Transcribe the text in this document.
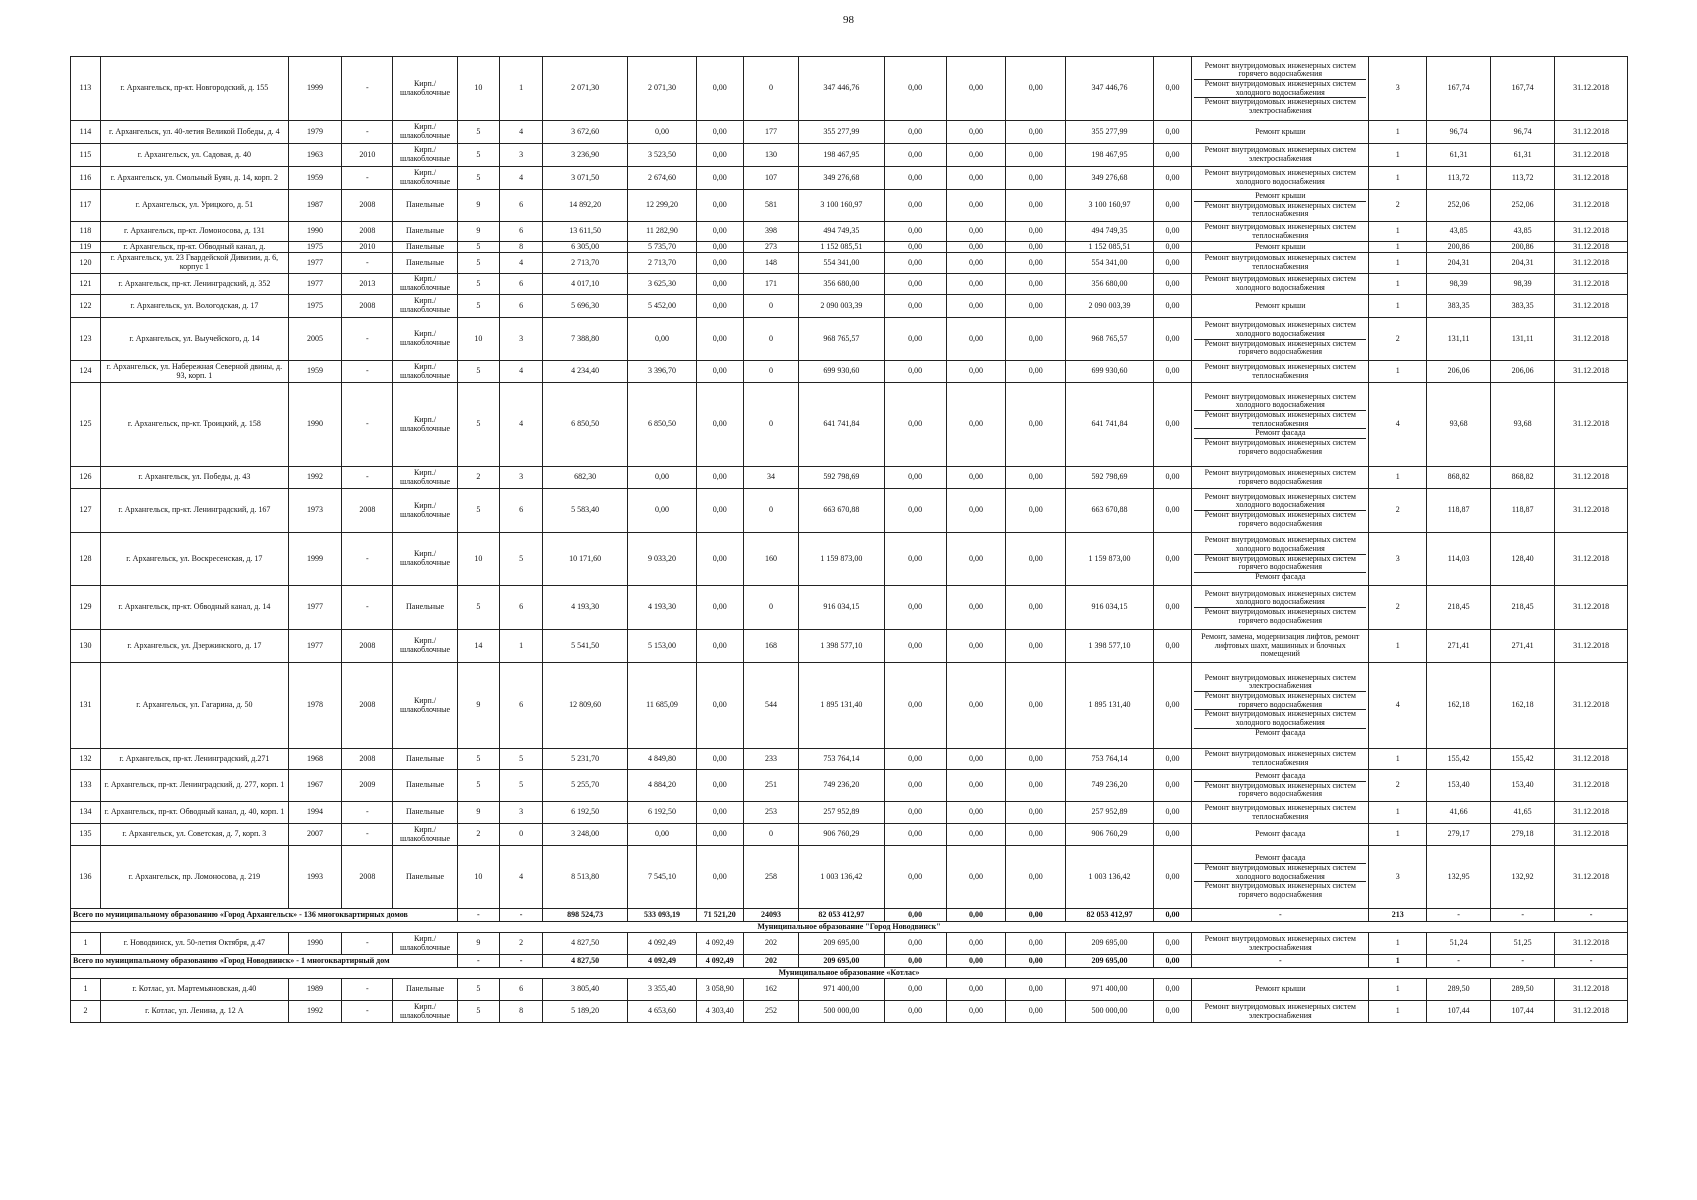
98
113	г. Архангельск, пр-кт. Новгородский, д. 155	1999	-	Кирп./ шлакоблочные	10	1	2 071,30	2 071,30	0,00	0	347 446,76	0,00	0,00	0,00	347 446,76	0,00	Ремонт внутридомовых инженерных систем горячего водоснабжения
Ремонт внутридомовых инженерных систем холодного водоснабжения
Ремонт внутридомовых инженерных систем электроснабжения	3	167,74	167,74	31.12.2018
114	г. Архангельск, ул. 40-летия Великой Победы, д. 4	1979	-	Кирп./ шлакоблочные	5	4	3 672,60	0,00	0,00	177	355 277,99	0,00	0,00	0,00	355 277,99	0,00	Ремонт крыши	1	96,74	96,74	31.12.2018
115	г. Архангельск, ул. Садовая, д. 40	1963	2010	Кирп./ шлакоблочные	5	3	3 236,90	3 523,50	0,00	130	198 467,95	0,00	0,00	0,00	198 467,95	0,00	Ремонт внутридомовых инженерных систем электроснабжения	1	61,31	61,31	31.12.2018
116	г. Архангельск, ул. Смольный Буян, д. 14, корп. 2	1959	-	Кирп./ шлакоблочные	5	4	3 071,50	2 674,60	0,00	107	349 276,68	0,00	0,00	0,00	349 276,68	0,00	Ремонт внутридомовых инженерных систем холодного водоснабжения	1	113,72	113,72	31.12.2018
117	г. Архангельск, ул. Урицкого, д. 51	1987	2008	Панельные	9	6	14 892,20	12 299,20	0,00	581	3 100 160,97	0,00	0,00	0,00	3 100 160,97	0,00	Ремонт крыши
Ремонт внутридомовых инженерных систем теплоснабжения	2	252,06	252,06	31.12.2018
118	г. Архангельск, пр-кт. Ломоносова, д. 131	1990	2008	Панельные	9	6	13 611,50	11 282,90	0,00	398	494 749,35	0,00	0,00	0,00	494 749,35	0,00	Ремонт внутридомовых инженерных систем теплоснабжения	1	43,85	43,85	31.12.2018
119	г. Архангельск, пр-кт. Обводный канал, д.	1975	2010	Панельные	5	8	6 305,00	5 735,70	0,00	273	1 152 085,51	0,00	0,00	0,00	1 152 085,51	0,00	Ремонт крыши	1	200,86	200,86	31.12.2018
120	г. Архангельск, ул. 23 Гвардейской Дивизии, д. 6, корпус 1	1977	-	Панельные	5	4	2 713,70	2 713,70	0,00	148	554 341,00	0,00	0,00	0,00	554 341,00	0,00	Ремонт внутридомовых инженерных систем теплоснабжения	1	204,31	204,31	31.12.2018
121	г. Архангельск, пр-кт. Ленинградский, д. 352	1977	2013	Кирп./ шлакоблочные	5	6	4 017,10	3 625,30	0,00	171	356 680,00	0,00	0,00	0,00	356 680,00	0,00	Ремонт внутридомовых инженерных систем холодного водоснабжения	1	98,39	98,39	31.12.2018
122	г. Архангельск, ул. Вологодская, д. 17	1975	2008	Кирп./ шлакоблочные	5	6	5 696,30	5 452,00	0,00	0	2 090 003,39	0,00	0,00	0,00	2 090 003,39	0,00	Ремонт крыши	1	383,35	383,35	31.12.2018
123	г. Архангельск, ул. Выучейского, д. 14	2005	-	Кирп./ шлакоблочные	10	3	7 388,80	0,00	0,00	0	968 765,57	0,00	0,00	0,00	968 765,57	0,00	Ремонт внутридомовых инженерных систем холодного водоснабжения
Ремонт внутридомовых инженерных систем горячего водоснабжения	2	131,11	131,11	31.12.2018
124	г. Архангельск, ул. Набережная Северной двины, д. 93, корп. 1	1959	-	Кирп./ шлакоблочные	5	4	4 234,40	3 396,70	0,00	0	699 930,60	0,00	0,00	0,00	699 930,60	0,00	Ремонт внутридомовых инженерных систем теплоснабжения	1	206,06	206,06	31.12.2018
125	г. Архангельск, пр-кт. Троицкий, д. 158	1990	-	Кирп./ шлакоблочные	5	4	6 850,50	6 850,50	0,00	0	641 741,84	0,00	0,00	0,00	641 741,84	0,00	Ремонт внутридомовых инженерных систем холодного водоснабжения
Ремонт внутридомовых инженерных систем теплоснабжения
Ремонт фасада
Ремонт внутридомовых инженерных систем горячего водоснабжения	4	93,68	93,68	31.12.2018
126	г. Архангельск, ул. Победы, д. 43	1992	-	Кирп./ шлакоблочные	2	3	682,30	0,00	0,00	34	592 798,69	0,00	0,00	0,00	592 798,69	0,00	Ремонт внутридомовых инженерных систем горячего водоснабжения	1	868,82	868,82	31.12.2018
127	г. Архангельск, пр-кт. Ленинградский, д. 167	1973	2008	Кирп./ шлакоблочные	5	6	5 583,40	0,00	0,00	0	663 670,88	0,00	0,00	0,00	663 670,88	0,00	Ремонт внутридомовых инженерных систем холодного водоснабжения
Ремонт внутридомовых инженерных систем горячего водоснабжения	2	118,87	118,87	31.12.2018
128	г. Архангельск, ул. Воскресенская, д. 17	1999	-	Кирп./ шлакоблочные	10	5	10 171,60	9 033,20	0,00	160	1 159 873,00	0,00	0,00	0,00	1 159 873,00	0,00	Ремонт внутридомовых инженерных систем холодного водоснабжения
Ремонт внутридомовых инженерных систем горячего водоснабжения
Ремонт фасада	3	114,03	128,40	31.12.2018
129	г. Архангельск, пр-кт. Обводный канал, д. 14	1977	-	Панельные	5	6	4 193,30	4 193,30	0,00	0	916 034,15	0,00	0,00	0,00	916 034,15	0,00	Ремонт внутридомовых инженерных систем холодного водоснабжения
Ремонт внутридомовых инженерных систем горячего водоснабжения	2	218,45	218,45	31.12.2018
130	г. Архангельск, ул. Дзержинского, д. 17	1977	2008	Кирп./ шлакоблочные	14	1	5 541,50	5 153,00	0,00	168	1 398 577,10	0,00	0,00	0,00	1 398 577,10	0,00	Ремонт, замена, модернизация лифтов, ремонт лифтовых шахт, машинных и блочных помещений	1	271,41	271,41	31.12.2018
131	г. Архангельск, ул. Гагарина, д. 50	1978	2008	Кирп./ шлакоблочные	9	6	12 809,60	11 685,09	0,00	544	1 895 131,40	0,00	0,00	0,00	1 895 131,40	0,00	Ремонт внутридомовых инженерных систем электроснабжения
Ремонт внутридомовых инженерных систем горячего водоснабжения
Ремонт внутридомовых инженерных систем холодного водоснабжения
Ремонт фасада	4	162,18	162,18	31.12.2018
132	г. Архангельск, пр-кт. Ленинградский, д.271	1968	2008	Панельные	5	5	5 231,70	4 849,80	0,00	233	753 764,14	0,00	0,00	0,00	753 764,14	0,00	Ремонт внутридомовых инженерных систем теплоснабжения	1	155,42	155,42	31.12.2018
133	г. Архангельск, пр-кт. Ленинградский, д. 277, корп. 1	1967	2009	Панельные	5	5	5 255,70	4 884,20	0,00	251	749 236,20	0,00	0,00	0,00	749 236,20	0,00	Ремонт фасада
Ремонт внутридомовых инженерных систем горячего водоснабжения	2	153,40	153,40	31.12.2018
134	г. Архангельск, пр-кт. Обводный канал, д. 40, корп. 1	1994	-	Панельные	9	3	6 192,50	6 192,50	0,00	253	257 952,89	0,00	0,00	0,00	257 952,89	0,00	Ремонт внутридомовых инженерных систем теплоснабжения	1	41,66	41,65	31.12.2018
135	г. Архангельск, ул. Советская, д. 7, корп. 3	2007	-	Кирп./ шлакоблочные	2	0	3 248,00	0,00	0,00	0	906 760,29	0,00	0,00	0,00	906 760,29	0,00	Ремонт фасада	1	279,17	279,18	31.12.2018
136	г. Архангельск, пр. Ломоносова, д. 219	1993	2008	Панельные	10	4	8 513,80	7 545,10	0,00	258	1 003 136,42	0,00	0,00	0,00	1 003 136,42	0,00	Ремонт фасада
Ремонт внутридомовых инженерных систем холодного водоснабжения
Ремонт внутридомовых инженерных систем горячего водоснабжения	3	132,95	132,92	31.12.2018
Всего по муниципальному образованию «Город Архангельск» - 136 многоквартирных домов					-	-	898 524,73	533 093,19	71 521,20	24093	82 053 412,97	0,00	0,00	0,00	82 053 412,97	0,00	-	213	-	-	-
Муниципальное образование "Город Новодвинск"																					
1	г. Новодвинск, ул. 50-летия Октября, д.47	1990	-	Кирп./ шлакоблочные	9	2	4 827,50	4 092,49	4 092,49	202	209 695,00	0,00	0,00	0,00	209 695,00	0,00	Ремонт внутридомовых инженерных систем электроснабжения	1	51,24	51,25	31.12.2018
Всего по муниципальному образованию «Город Новодвинск» - 1 многоквартирный дом					-	-	4 827,50	4 092,49	4 092,49	202	209 695,00	0,00	0,00	0,00	209 695,00	0,00	-	1	-	-	-
Муниципальное образование «Котлас»																					
1	г. Котлас, ул. Мартемьяновская, д.40	1989	-	Панельные	5	6	3 805,40	3 355,40	3 058,90	162	971 400,00	0,00	0,00	0,00	971 400,00	0,00	Ремонт крыши	1	289,50	289,50	31.12.2018
2	г. Котлас, ул. Ленина, д. 12 А	1992	-	Кирп./ шлакоблочные	5	8	5 189,20	4 653,60	4 303,40	252	500 000,00	0,00	0,00	0,00	500 000,00	0,00	Ремонт внутридомовых инженерных систем электроснабжения	1	107,44	107,44	31.12.2018
